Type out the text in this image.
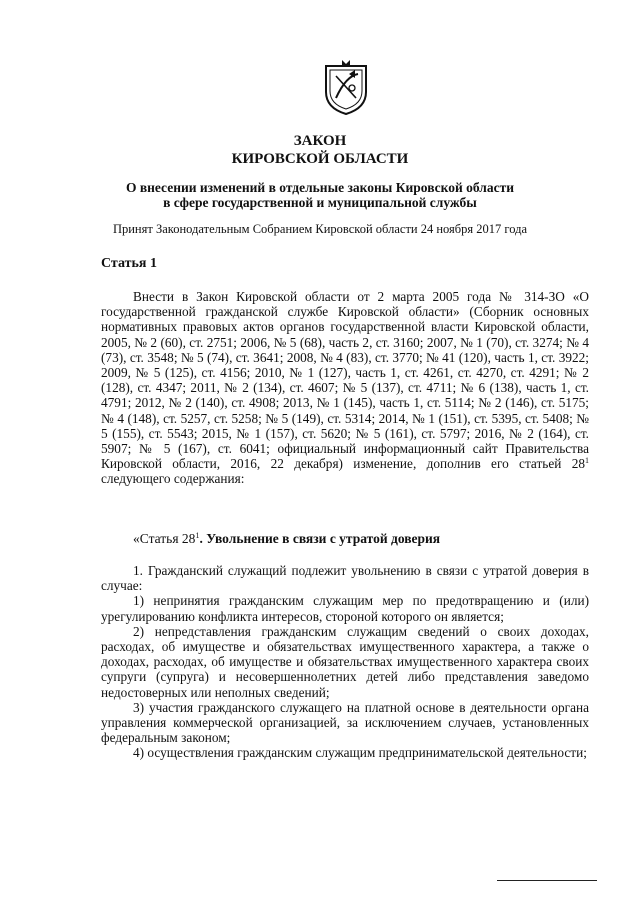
ЗАКОН
КИРОВСКОЙ ОБЛАСТИ
О внесении изменений в отдельные законы Кировской области
в сфере государственной и муниципальной службы
Принят Законодательным Собранием Кировской области 24 ноября 2017 года
Статья 1

Внести в Закон Кировской области от 2 марта 2005 года № 314-ЗО «О государственной гражданской службе Кировской области» (Сборник основных нормативных правовых актов органов государственной власти Кировской области, 2005, № 2 (60), ст. 2751; 2006, № 5 (68), часть 2, ст. 3160; 2007, № 1 (70), ст. 3274; № 4 (73), ст. 3548; № 5 (74), ст. 3641; 2008, № 4 (83), ст. 3770; № 41 (120), часть 1, ст. 3922; 2009, № 5 (125), ст. 4156; 2010, № 1 (127), часть 1, ст. 4261, ст. 4270, ст. 4291; № 2 (128), ст. 4347; 2011, № 2 (134), ст. 4607; № 5 (137), ст. 4711; № 6 (138), часть 1, ст. 4791; 2012, № 2 (140), ст. 4908; 2013, № 1 (145), часть 1, ст. 5114; № 2 (146), ст. 5175; № 4 (148), ст. 5257, ст. 5258; № 5 (149), ст. 5314; 2014, № 1 (151), ст. 5395, ст. 5408; № 5 (155), ст. 5543; 2015, № 1 (157), ст. 5620; № 5 (161), ст. 5797; 2016, № 2 (164), ст. 5907; № 5 (167), ст. 6041; официальный информационный сайт Правительства Кировской области, 2016, 22 декабря) изменение, дополнив его статьей $28^1$ следующего содержания:

«Статья $28^1$. Увольнение в связи с утратой доверия

1. Гражданский служащий подлежит увольнению в связи с утратой доверия в случае:

1) непринятия гражданским служащим мер по предотвращению и (или) урегулированию конфликта интересов, стороной которого он является;

2) непредставления гражданским служащим сведений о своих доходах, расходах, об имуществе и обязательствах имущественного характера, а также о доходах, расходах, об имуществе и обязательствах имущественного характера своих супруги (супруга) и несовершеннолетних детей либо представления заведомо недостоверных или неполных сведений;

3) участия гражданского служащего на платной основе в деятельности органа управления коммерческой организацией, за исключением случаев, установленных федеральным законом;

4) осуществления гражданским служащим предпринимательской деятельности;
